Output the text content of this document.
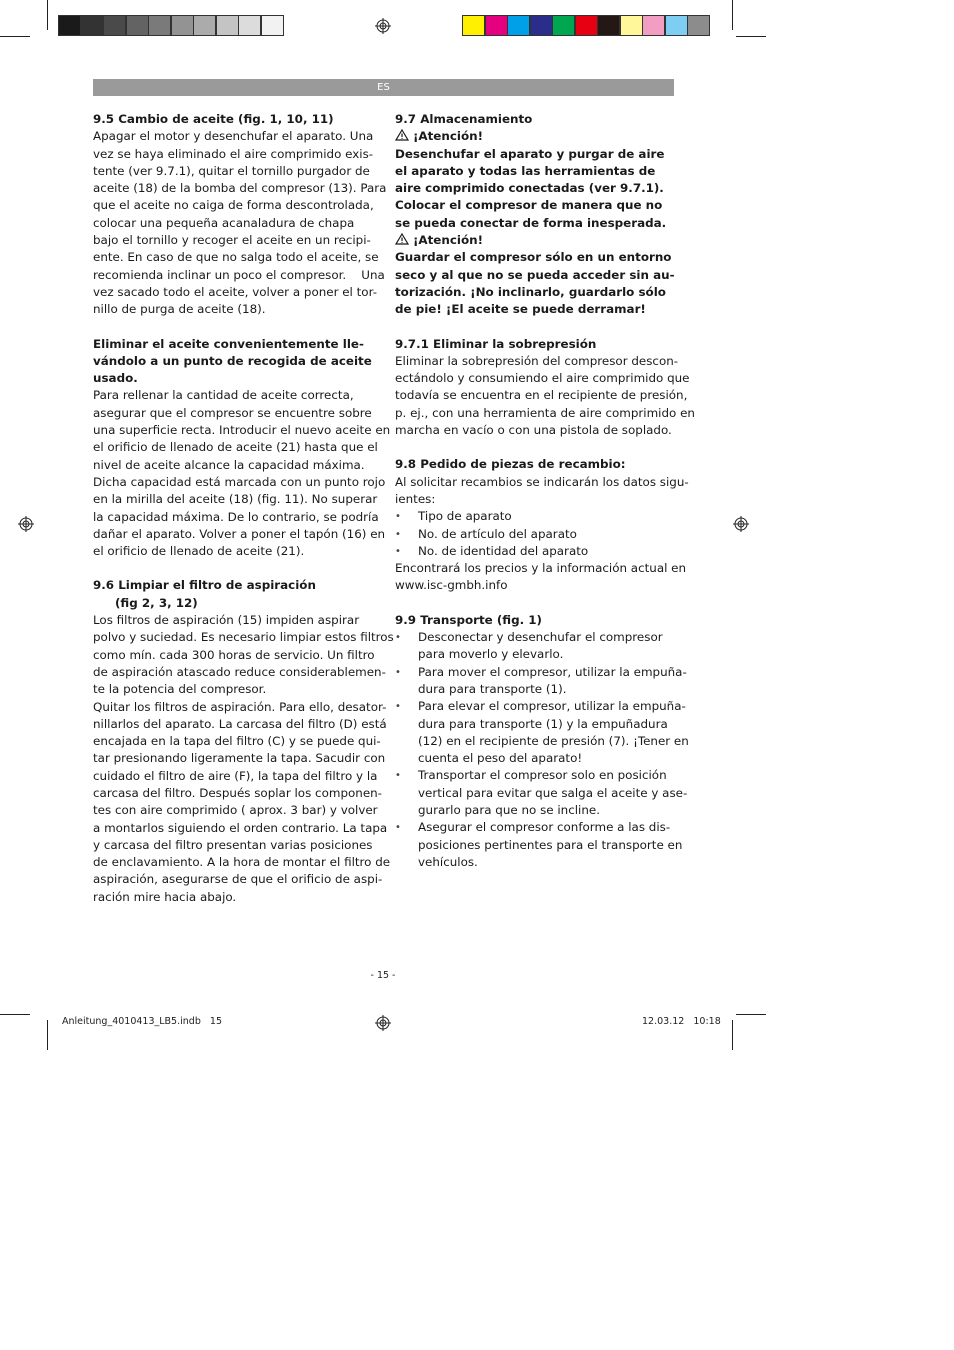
ES

9.5 Cambio de aceite (fig. 1, 10, 11)

Apagar el motor y desenchufar el aparato. Una
vez se haya eliminado el aire comprimido exis-
tente (ver 9.7.1), quitar el tornillo purgador de
aceite (18) de la bomba del compresor (13). Para
que el aceite no caiga de forma descontrolada,
colocar una pequeña acanaladura de chapa
bajo el tornillo y recoger el aceite en un recipi-
ente. En caso de que no salga todo el aceite, se
recomienda inclinar un poco el compresor.    Una
vez sacado todo el aceite, volver a poner el tor-
nillo de purga de aceite (18).
Eliminar el aceite convenientemente lle-
vándolo a un punto de recogida de aceite
usado.
Para rellenar la cantidad de aceite correcta,
asegurar que el compresor se encuentre sobre
una superficie recta. Introducir el nuevo aceite en
el orificio de llenado de aceite (21) hasta que el
nivel de aceite alcance la capacidad máxima.
Dicha capacidad está marcada con un punto rojo
en la mirilla del aceite (18) (fig. 11). No superar
la capacidad máxima. De lo contrario, se podría
dañar el aparato. Volver a poner el tapón (16) en
el orificio de llenado de aceite (21).

9.6 Limpiar el filtro de aspiración

(fig 2, 3, 12)

Los filtros de aspiración (15) impiden aspirar
polvo y suciedad. Es necesario limpiar estos filtros
como mín. cada 300 horas de servicio. Un filtro
de aspiración atascado reduce considerablemen-
te la potencia del compresor.
Quitar los filtros de aspiración. Para ello, desator-
nillarlos del aparato. La carcasa del filtro (D) está
encajada en la tapa del filtro (C) y se puede qui-
tar presionando ligeramente la tapa. Sacudir con
cuidado el filtro de aire (F), la tapa del filtro y la
carcasa del filtro. Después soplar los componen-
tes con aire comprimido ( aprox. 3 bar) y volver
a montarlos siguiendo el orden contrario. La tapa
y carcasa del filtro presentan varias posiciones
de enclavamiento. A la hora de montar el filtro de
aspiración, asegurarse de que el orificio de aspi-
ración mire hacia abajo.

9.7 Almacenamiento

¡Atención!

Desenchufar el aparato y purgar de aire
el aparato y todas las herramientas de
aire comprimido conectadas (ver 9.7.1).
Colocar el compresor de manera que no
se pueda conectar de forma inesperada.

¡Atención!

Guardar el compresor sólo en un entorno
seco y al que no se pueda acceder sin au-
torización. ¡No inclinarlo, guardarlo sólo
de pie! ¡El aceite se puede derramar!

9.7.1 Eliminar la sobrepresión

Eliminar la sobrepresión del compresor descon-
ectándolo y consumiendo el aire comprimido que
todavía se encuentra en el recipiente de presión,
p. ej., con una herramienta de aire comprimido en
marcha en vacío o con una pistola de soplado.

9.8 Pedido de piezas de recambio:

Al solicitar recambios se indicarán los datos sigu-
ientes:
• Tipo de aparato
• No. de artículo del aparato
• No. de identidad del aparato
Encontrará los precios y la información actual en
www.isc-gmbh.info

9.9 Transporte (fig. 1)

• Desconectar y desenchufar el compresor
para moverlo y elevarlo.
• Para mover el compresor, utilizar la empuña-
dura para transporte (1).
• Para elevar el compresor, utilizar la empuña-
dura para transporte (1) y la empuñadura
(12) en el recipiente de presión (7). ¡Tener en
cuenta el peso del aparato!
• Transportar el compresor solo en posición
vertical para evitar que salga el aceite y ase-
gurarlo para que no se incline.
• Asegurar el compresor conforme a las dis-
posiciones pertinentes para el transporte en
vehículos.
- 15 -
Anleitung_4010413_LB5.indb   15	12.03.12   10:18
